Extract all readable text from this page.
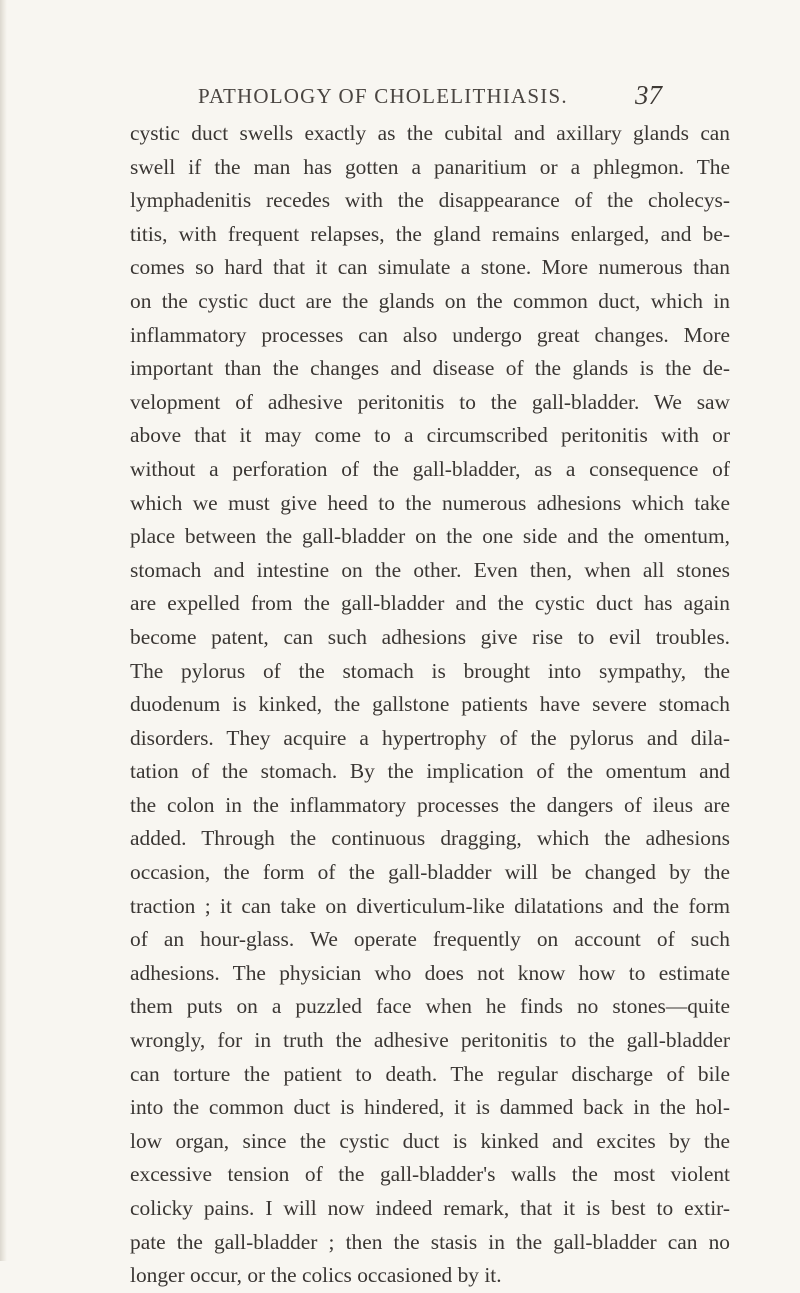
PATHOLOGY OF CHOLELITHIASIS. 37
cystic duct swells exactly as the cubital and axillary glands can
swell if the man has gotten a panaritium or a phlegmon. The
lymphadenitis recedes with the disappearance of the cholecys-
titis, with frequent relapses, the gland remains enlarged, and be-
comes so hard that it can simulate a stone. More numerous than
on the cystic duct are the glands on the common duct, which in
inflammatory processes can also undergo great changes. More
important than the changes and disease of the glands is the de-
velopment of adhesive peritonitis to the gall-bladder. We saw
above that it may come to a circumscribed peritonitis with or
without a perforation of the gall-bladder, as a consequence of
which we must give heed to the numerous adhesions which take
place between the gall-bladder on the one side and the omentum,
stomach and intestine on the other. Even then, when all stones
are expelled from the gall-bladder and the cystic duct has again
become patent, can such adhesions give rise to evil troubles.
The pylorus of the stomach is brought into sympathy, the
duodenum is kinked, the gallstone patients have severe stomach
disorders. They acquire a hypertrophy of the pylorus and dila-
tation of the stomach. By the implication of the omentum and
the colon in the inflammatory processes the dangers of ileus are
added. Through the continuous dragging, which the adhesions
occasion, the form of the gall-bladder will be changed by the
traction ; it can take on diverticulum-like dilatations and the form
of an hour-glass. We operate frequently on account of such
adhesions. The physician who does not know how to estimate
them puts on a puzzled face when he finds no stones—quite
wrongly, for in truth the adhesive peritonitis to the gall-bladder
can torture the patient to death. The regular discharge of bile
into the common duct is hindered, it is dammed back in the hol-
low organ, since the cystic duct is kinked and excites by the
excessive tension of the gall-bladder's walls the most violent
colicky pains. I will now indeed remark, that it is best to extir-
pate the gall-bladder ; then the stasis in the gall-bladder can no
longer occur, or the colics occasioned by it.
